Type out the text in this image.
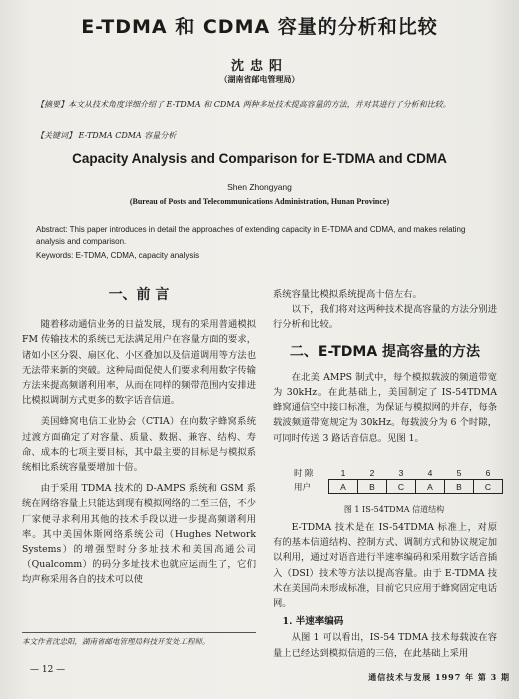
E-TDMA 和 CDMA 容量的分析和比较
沈忠阳
（湖南省邮电管理局）
【摘要】本文从技术角度详细介绍了 E-TDMA 和 CDMA 两种多址技术提高容量的方法，并对其进行了分析和比较。
【关键词】 E-TDMA CDMA 容量分析
Capacity Analysis and Comparison for E-TDMA and CDMA
Shen Zhongyang
(Bureau of Posts and Telecommunications Administration, Hunan Province)
Abstract: This paper introduces in detail the approaches of extending capacity in E-TDMA and CDMA, and makes relating analysis and comparison.
Keywords: E-TDMA, CDMA, capacity analysis
一、前 言

随着移动通信业务的日益发展，现有的采用普通模拟 FM 传输技术的系统已无法满足用户在容量方面的要求，诸如小区分裂、扇区化、小区叠加以及信道调用等方法也无法带来新的突破。这种局面促使人们要求利用数字传输方法来提高频谱利用率，从而在同样的频带范围内安排进比模拟调制方式更多的数字话音信道。

美国蜂窝电信工业协会（CTIA）在向数字蜂窝系统过渡方面确定了对容量、质量、数据、兼容、结构、寿命、成本的七项主要目标，其中最主要的目标是与模拟系统相比系统容量要增加十倍。

由于采用 TDMA 技术的 D-AMPS 系统和 GSM 系统在网络容量上只能达到现有模拟网络的二至三倍，不少厂家便寻求利用其他的技术手段以进一步提高频谱利用率。其中美国休斯网络系统公司（Hughes Network Systems）的增强型时分多址技术和美国高通公司（Qualcomm）的码分多址技术也就应运而生了，它们均声称采用各自的技术可以使

本文作者沈忠阳，湖南省邮电管理局科技开发处工程师。
— 12 —

系统容量比模拟系统提高十倍左右。

以下，我们将对这两种技术提高容量的方法分别进行分析和比较。

二、E-TDMA 提高容量的方法

在北美 AMPS 制式中，每个模拟载波的频道带宽为 30kHz。在此基础上，美国制定了 IS-54TDMA 蜂窝通信空中接口标准，为保证与模拟网的并存，每条载波频道带宽规定为 30kHz。每载波分为 6 个时隙，可同时传送 3 路话音信息。见图 1。

时 隙	1	2	3	4	5	6
用户	A	B	C	A	B	C
图 1 IS-54TDMA 信道结构

E-TDMA 技术是在 IS-54TDMA 标准上，对原有的基本信道结构、控制方式、调制方式和协议规定加以利用，通过对语音进行半速率编码和采用数字话音插入（DSI）技术等方法以提高容量。由于 E-TDMA 技术在美国尚未形成标准，目前它只应用于蜂窝固定电话网。

1. 半速率编码

从图 1 可以看出，IS-54 TDMA 技术每载波在容量上已经达到模拟信道的三倍，在此基础上采用

通信技术与发展 1997 年 第 3 期
